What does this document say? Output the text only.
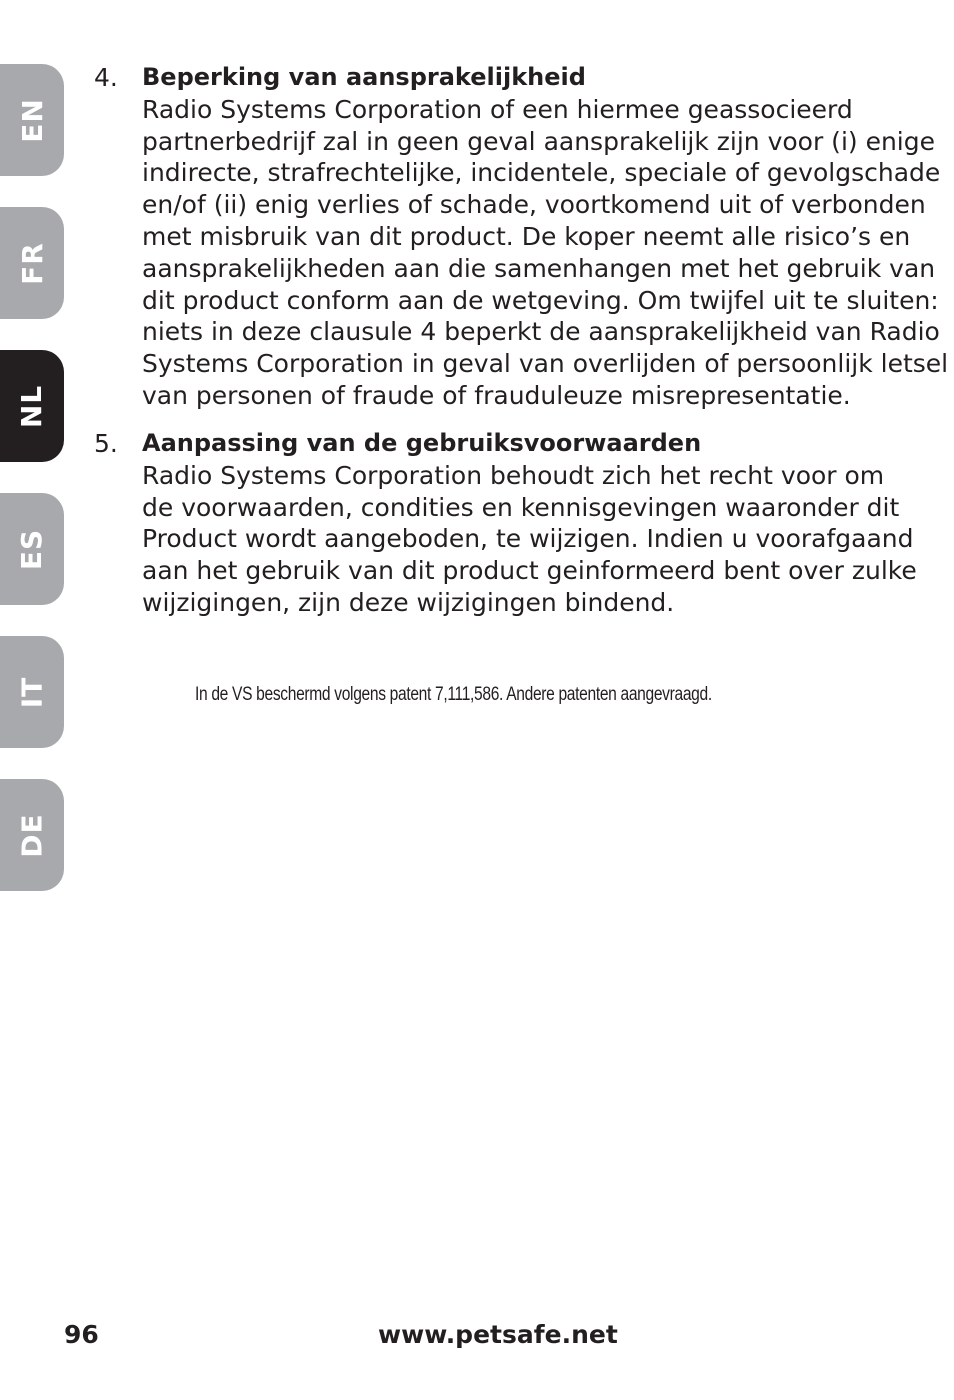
EN
FR
NL
ES
IT
DE
4. Beperking van aansprakelijkheid
Radio Systems Corporation of een hiermee geassocieerd
partnerbedrijf zal in geen geval aansprakelijk zijn voor (i) enige
indirecte, strafrechtelijke, incidentele, speciale of gevolgschade
en/of (ii) enig verlies of schade, voortkomend uit of verbonden
met misbruik van dit product. De koper neemt alle risico’s en
aansprakelijkheden aan die samenhangen met het gebruik van
dit product conform aan de wetgeving. Om twijfel uit te sluiten:
niets in deze clausule 4 beperkt de aansprakelijkheid van Radio
Systems Corporation in geval van overlijden of persoonlijk letsel
van personen of fraude of frauduleuze misrepresentatie.
5. Aanpassing van de gebruiksvoorwaarden
Radio Systems Corporation behoudt zich het recht voor om
de voorwaarden, condities en kennisgevingen waaronder dit
Product wordt aangeboden, te wijzigen. Indien u voorafgaand
aan het gebruik van dit product geinformeerd bent over zulke
wijzigingen, zijn deze wijzigingen bindend.
In de VS beschermd volgens patent 7,111,586. Andere patenten aangevraagd.
96	www.petsafe.net
